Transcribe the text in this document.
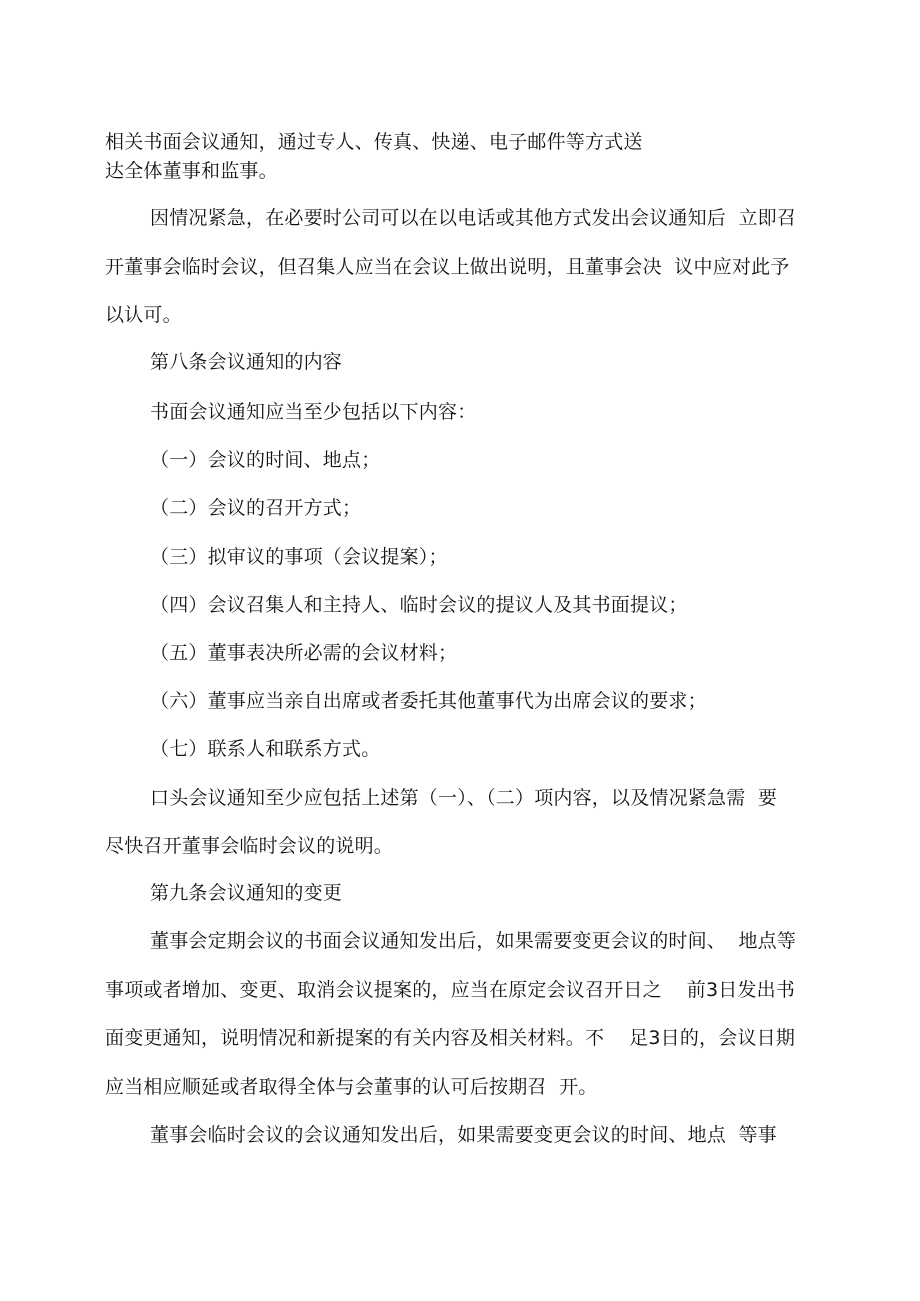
相关书面会议通知，通过专人、传真、快递、电子邮件等方式送
达全体董事和监事。
因情况紧急，在必要时公司可以在以电话或其他方式发出会议通知后  立即召
开董事会临时会议，但召集人应当在会议上做出说明，且董事会决  议中应对此予
以认可。
第八条会议通知的内容
书面会议通知应当至少包括以下内容：
（一）会议的时间、地点；
（二）会议的召开方式；
（三）拟审议的事项（会议提案）；
（四）会议召集人和主持人、临时会议的提议人及其书面提议；
（五）董事表决所必需的会议材料；
（六）董事应当亲自出席或者委托其他董事代为出席会议的要求；
（七）联系人和联系方式。
口头会议通知至少应包括上述第（一）、（二）项内容，以及情况紧急需  要
尽快召开董事会临时会议的说明。
第九条会议通知的变更
董事会定期会议的书面会议通知发出后，如果需要变更会议的时间、  地点等
事项或者增加、变更、取消会议提案的，应当在原定会议召开日之    前3日发出书
面变更通知，说明情况和新提案的有关内容及相关材料。不    足3日的，会议日期
应当相应顺延或者取得全体与会董事的认可后按期召  开。
董事会临时会议的会议通知发出后，如果需要变更会议的时间、地点  等事
